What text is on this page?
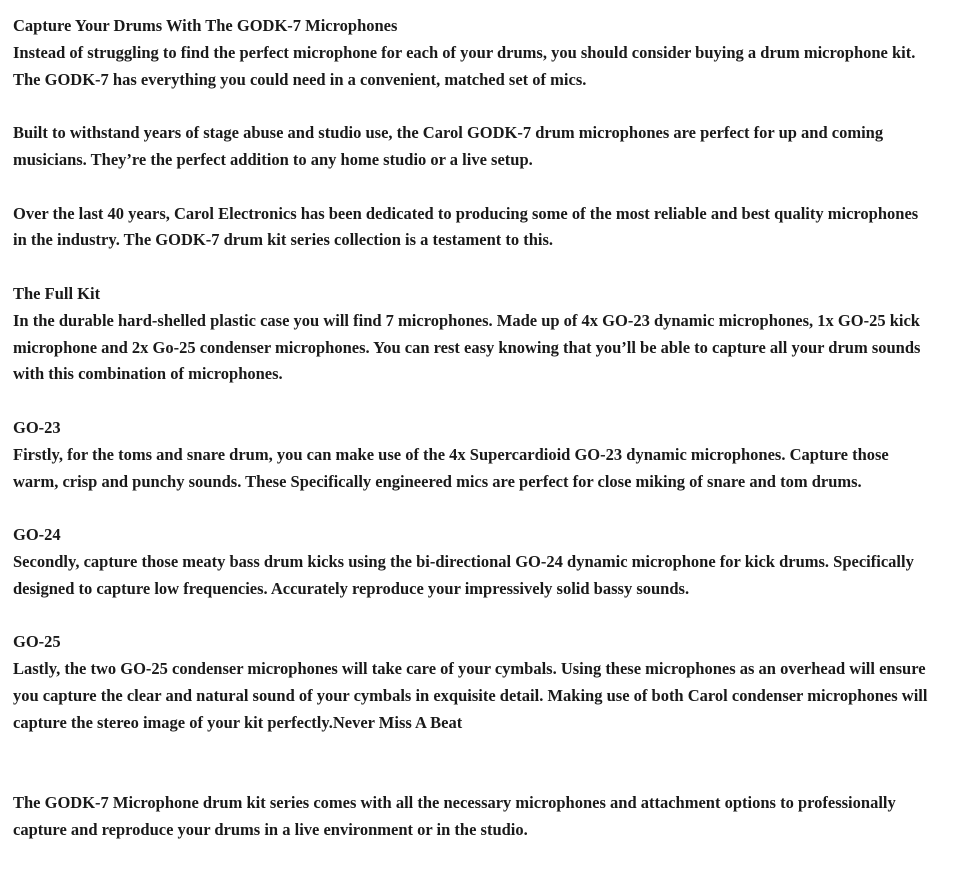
Capture Your Drums With The GODK-7 Microphones
Instead of struggling to find the perfect microphone for each of your drums, you should consider buying a drum microphone kit. The GODK-7 has everything you could need in a convenient, matched set of mics.
Built to withstand years of stage abuse and studio use, the Carol GODK-7 drum microphones are perfect for up and coming musicians. They’re the perfect addition to any home studio or a live setup.
Over the last 40 years, Carol Electronics has been dedicated to producing some of the most reliable and best quality microphones in the industry. The GODK-7 drum kit series collection is a testament to this.
The Full Kit
In the durable hard-shelled plastic case you will find 7 microphones. Made up of 4x GO-23 dynamic microphones, 1x GO-25 kick microphone and 2x Go-25 condenser microphones. You can rest easy knowing that you’ll be able to capture all your drum sounds with this combination of microphones.
GO-23
Firstly, for the toms and snare drum, you can make use of the 4x Supercardioid GO-23 dynamic microphones. Capture those warm, crisp and punchy sounds. These Specifically engineered mics are perfect for close miking of snare and tom drums.
GO-24
Secondly, capture those meaty bass drum kicks using the bi-directional GO-24 dynamic microphone for kick drums. Specifically designed to capture low frequencies. Accurately reproduce your impressively solid bassy sounds.
GO-25
Lastly, the two GO-25 condenser microphones will take care of your cymbals. Using these microphones as an overhead will ensure you capture the clear and natural sound of your cymbals in exquisite detail. Making use of both Carol condenser microphones will capture the stereo image of your kit perfectly.Never Miss A Beat
The GODK-7 Microphone drum kit series comes with all the necessary microphones and attachment options to professionally capture and reproduce your drums in a live environment or in the studio.
